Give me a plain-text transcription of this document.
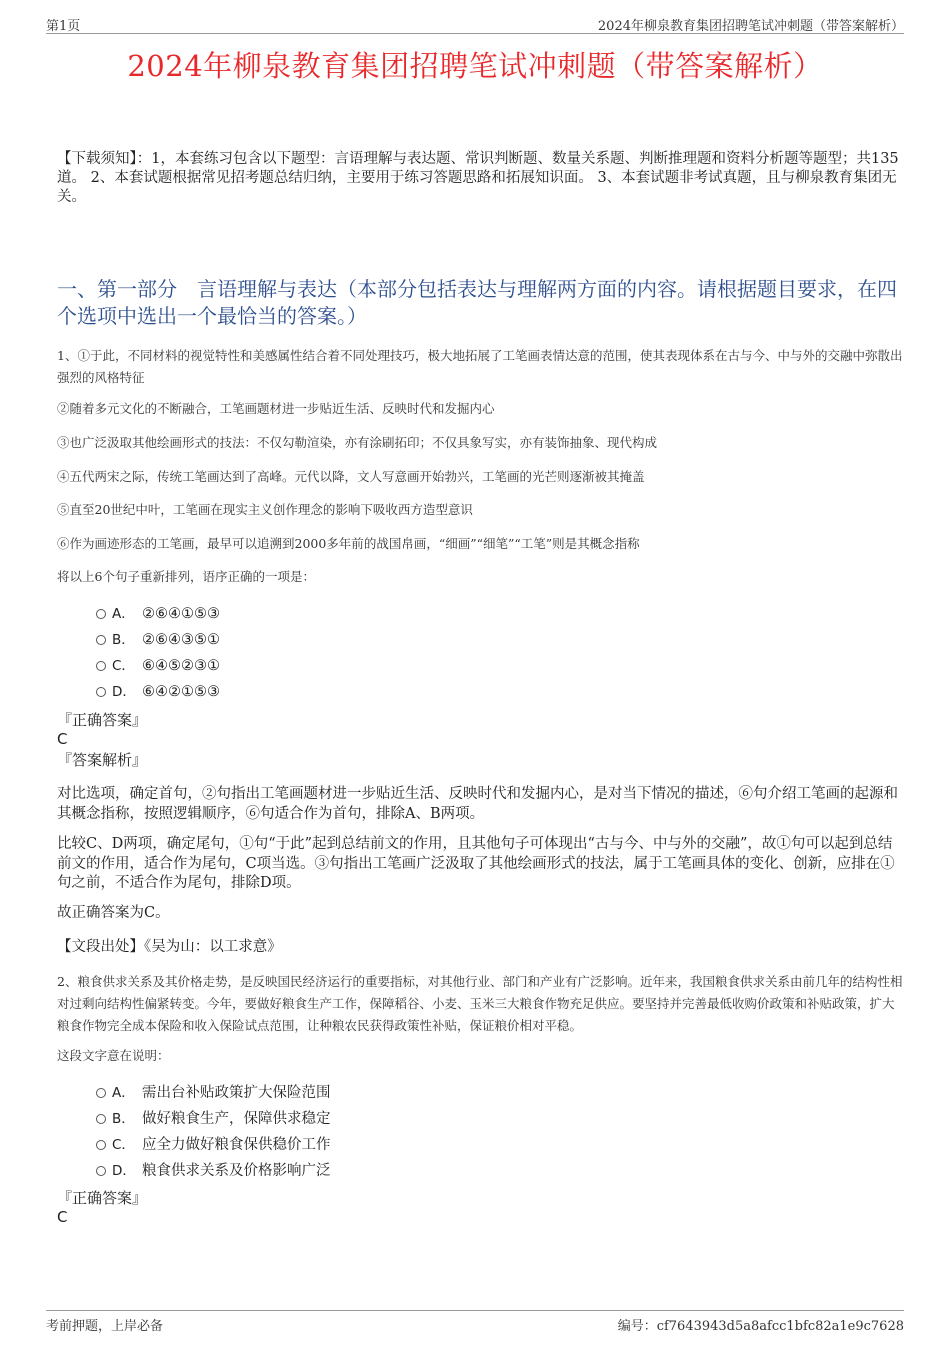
第1页	2024年柳泉教育集团招聘笔试冲刺题（带答案解析）
2024年柳泉教育集团招聘笔试冲刺题（带答案解析）
【下载须知】：1，本套练习包含以下题型：言语理解与表达题、常识判断题、数量关系题、判断推理题和资料分析题等题型；共135道。 2、本套试题根据常见招考题总结归纳，主要用于练习答题思路和拓展知识面。 3、本套试题非考试真题，且与柳泉教育集团无关。
一、第一部分　言语理解与表达（本部分包括表达与理解两方面的内容。请根据题目要求，在四个选项中选出一个最恰当的答案。）
1、①于此，不同材料的视觉特性和美感属性结合着不同处理技巧，极大地拓展了工笔画表情达意的范围，使其表现体系在古与今、中与外的交融中弥散出强烈的风格特征
②随着多元文化的不断融合，工笔画题材进一步贴近生活、反映时代和发掘内心
③也广泛汲取其他绘画形式的技法：不仅勾勒渲染，亦有涂刷拓印；不仅具象写实，亦有装饰抽象、现代构成
④五代两宋之际，传统工笔画达到了高峰。元代以降，文人写意画开始勃兴，工笔画的光芒则逐渐被其掩盖
⑤直至20世纪中叶，工笔画在现实主义创作理念的影响下吸收西方造型意识
⑥作为画迹形态的工笔画，最早可以追溯到2000多年前的战国帛画，“细画”“细笔”“工笔”则是其概念指称
将以上6个句子重新排列，语序正确的一项是：
A． ②⑥④①⑤③
B． ②⑥④③⑤①
C． ⑥④⑤②③①
D． ⑥④②①⑤③
『正确答案』
C
『答案解析』
对比选项，确定首句，②句指出工笔画题材进一步贴近生活、反映时代和发掘内心，是对当下情况的描述，⑥句介绍工笔画的起源和其概念指称，按照逻辑顺序，⑥句适合作为首句，排除A、B两项。
比较C、D两项，确定尾句，①句“于此”起到总结前文的作用，且其他句子可体现出“古与今、中与外的交融”，故①句可以起到总结前文的作用，适合作为尾句，C项当选。③句指出工笔画广泛汲取了其他绘画形式的技法，属于工笔画具体的变化、创新，应排在①句之前，不适合作为尾句，排除D项。
故正确答案为C。
【文段出处】《吴为山：以工求意》
2、粮食供求关系及其价格走势，是反映国民经济运行的重要指标，对其他行业、部门和产业有广泛影响。近年来，我国粮食供求关系由前几年的结构性相对过剩向结构性偏紧转变。今年，要做好粮食生产工作，保障稻谷、小麦、玉米三大粮食作物充足供应。要坚持并完善最低收购价政策和补贴政策，扩大粮食作物完全成本保险和收入保险试点范围，让种粮农民获得政策性补贴，保证粮价相对平稳。
这段文字意在说明：
A． 需出台补贴政策扩大保险范围
B． 做好粮食生产，保障供求稳定
C． 应全力做好粮食保供稳价工作
D． 粮食供求关系及价格影响广泛
『正确答案』
C
考前押题，上岸必备	编号：cf7643943d5a8afcc1bfc82a1e9c7628
